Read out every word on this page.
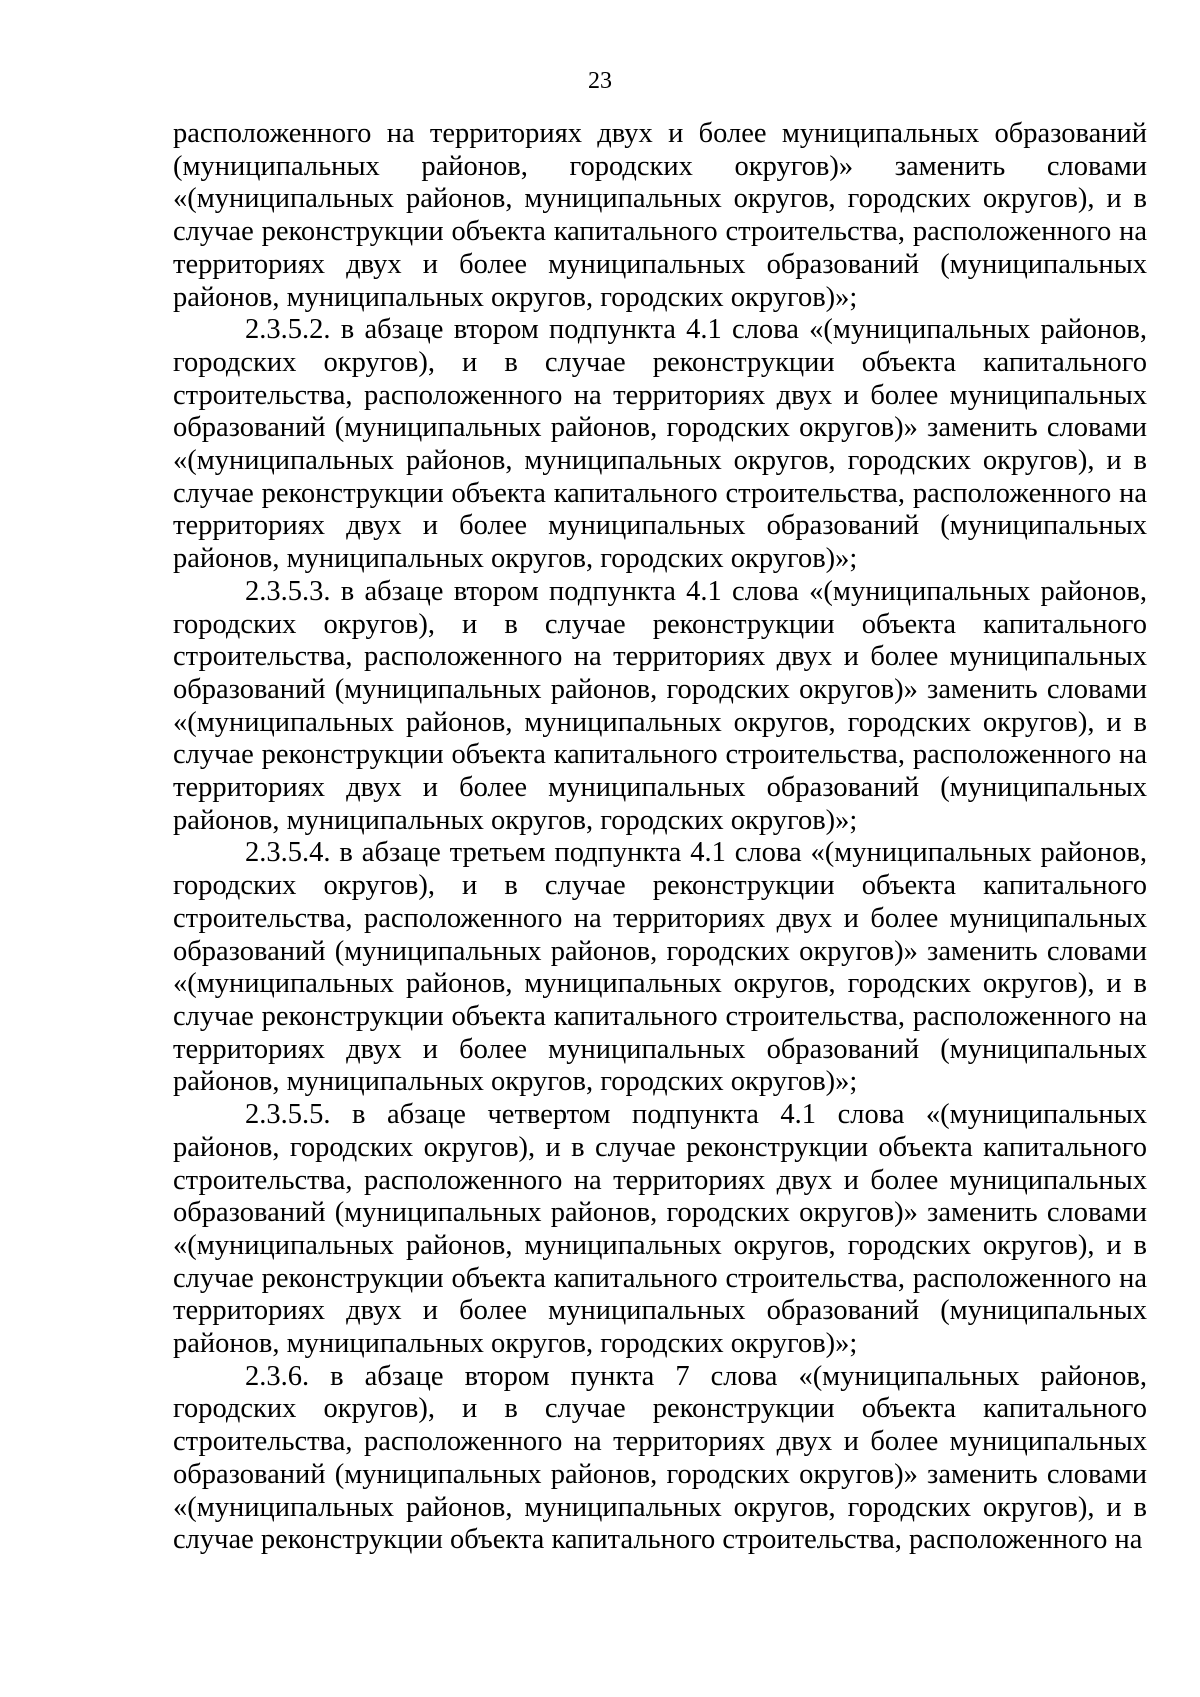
23

расположенного на территориях двух и более муниципальных образований (муниципальных районов, городских округов)» заменить словами «(муниципальных районов, муниципальных округов, городских округов), и в случае реконструкции объекта капитального строительства, расположенного на территориях двух и более муниципальных образований (муниципальных районов, муниципальных округов, городских округов)»;

2.3.5.2. в абзаце втором подпункта 4.1 слова «(муниципальных районов, городских округов), и в случае реконструкции объекта капитального строительства, расположенного на территориях двух и более муниципальных образований (муниципальных районов, городских округов)» заменить словами «(муниципальных районов, муниципальных округов, городских округов), и в случае реконструкции объекта капитального строительства, расположенного на территориях двух и более муниципальных образований (муниципальных районов, муниципальных округов, городских округов)»;

2.3.5.3. в абзаце втором подпункта 4.1 слова «(муниципальных районов, городских округов), и в случае реконструкции объекта капитального строительства, расположенного на территориях двух и более муниципальных образований (муниципальных районов, городских округов)» заменить словами «(муниципальных районов, муниципальных округов, городских округов), и в случае реконструкции объекта капитального строительства, расположенного на территориях двух и более муниципальных образований (муниципальных районов, муниципальных округов, городских округов)»;

2.3.5.4. в абзаце третьем подпункта 4.1 слова «(муниципальных районов, городских округов), и в случае реконструкции объекта капитального строительства, расположенного на территориях двух и более муниципальных образований (муниципальных районов, городских округов)» заменить словами «(муниципальных районов, муниципальных округов, городских округов), и в случае реконструкции объекта капитального строительства, расположенного на территориях двух и более муниципальных образований (муниципальных районов, муниципальных округов, городских округов)»;

2.3.5.5. в абзаце четвертом подпункта 4.1 слова «(муниципальных районов, городских округов), и в случае реконструкции объекта капитального строительства, расположенного на территориях двух и более муниципальных образований (муниципальных районов, городских округов)» заменить словами «(муниципальных районов, муниципальных округов, городских округов), и в случае реконструкции объекта капитального строительства, расположенного на территориях двух и более муниципальных образований (муниципальных районов, муниципальных округов, городских округов)»;

2.3.6. в абзаце втором пункта 7 слова «(муниципальных районов, городских округов), и в случае реконструкции объекта капитального строительства, расположенного на территориях двух и более муниципальных образований (муниципальных районов, городских округов)» заменить словами «(муниципальных районов, муниципальных округов, городских округов), и в случае реконструкции объекта капитального строительства, расположенного на
